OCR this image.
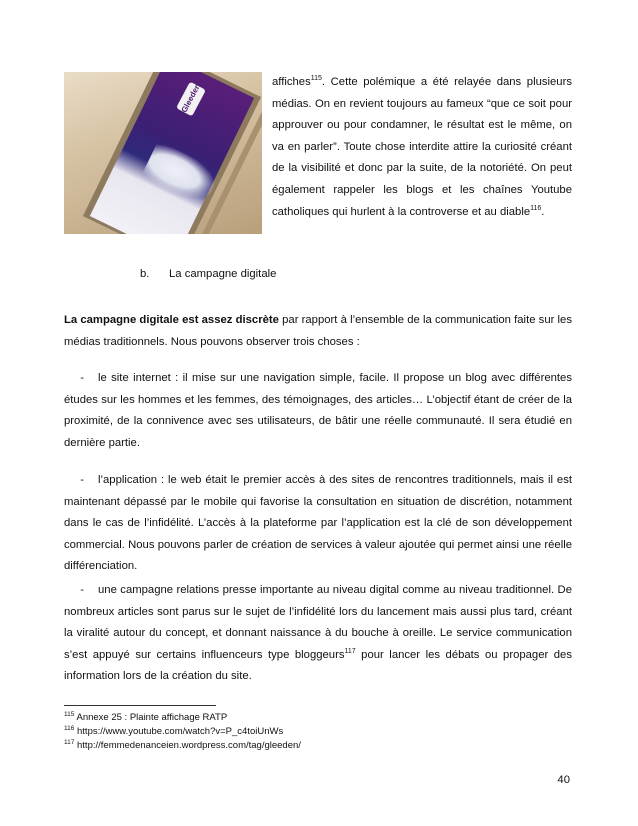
Gleeden
affiches$^{115}$. Cette polémique a été relayée dans plusieurs médias. On en revient toujours au fameux “que ce soit pour approuver ou pour condamner, le résultat est le même, on va en parler”. Toute chose interdite attire la curiosité créant de la visibilité et donc par la suite, de la notoriété. On peut également rappeler les blogs et les chaînes Youtube catholiques qui hurlent à la controverse et au diable$^{116}$.
b. La campagne digitale
La campagne digitale est assez discrète par rapport à l’ensemble de la communication faite sur les médias traditionnels. Nous pouvons observer trois choses :
- le site internet : il mise sur une navigation simple, facile. Il propose un blog avec différentes études sur les hommes et les femmes, des témoignages, des articles… L’objectif étant de créer de la proximité, de la connivence avec ses utilisateurs, de bâtir une réelle communauté. Il sera étudié en dernière partie.
- l’application : le web était le premier accès à des sites de rencontres traditionnels, mais il est maintenant dépassé par le mobile qui favorise la consultation en situation de discrétion, notamment dans le cas de l’infidélité. L’accès à la plateforme par l’application est la clé de son développement commercial. Nous pouvons parler de création de services à valeur ajoutée qui permet ainsi une réelle différenciation.
- une campagne relations presse importante au niveau digital comme au niveau traditionnel. De nombreux articles sont parus sur le sujet de l’infidélité lors du lancement mais aussi plus tard, créant la viralité autour du concept, et donnant naissance à du bouche à oreille. Le service communication s’est appuyé sur certains influenceurs type bloggeurs$^{117}$ pour lancer les débats ou propager des information lors de la création du site.
$^{115}$ Annexe 25 : Plainte affichage RATP
$^{116}$ https://www.youtube.com/watch?v=P_c4toiUnWs
$^{117}$ http://femmedenanceien.wordpress.com/tag/gleeden/
40
